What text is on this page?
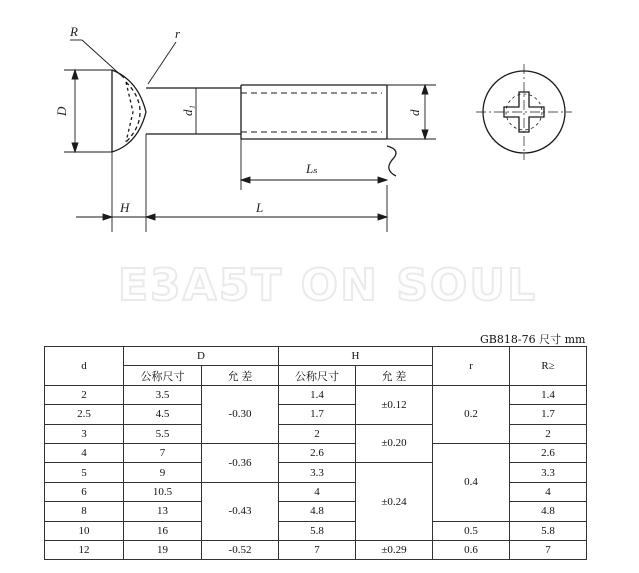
E3A5T ON SOUL
R	r
D	d₁	d
Lₛ
H	L
GB818-76 尺寸 mm
d	D		H		r	R≥
	公称尺寸	允 差	公称尺寸	允 差		
2	3.5	-0.30	1.4	±0.12	0.2	1.4
2.5	4.5		1.7			1.7
3	5.5		2	±0.20		2
4	7	-0.36	2.6		0.4	2.6
5	9		3.3	±0.24		3.3
6	10.5	-0.43	4			4
8	13		4.8			4.8
10	16		5.8		0.5	5.8
12	19	-0.52	7	±0.29	0.6	7
